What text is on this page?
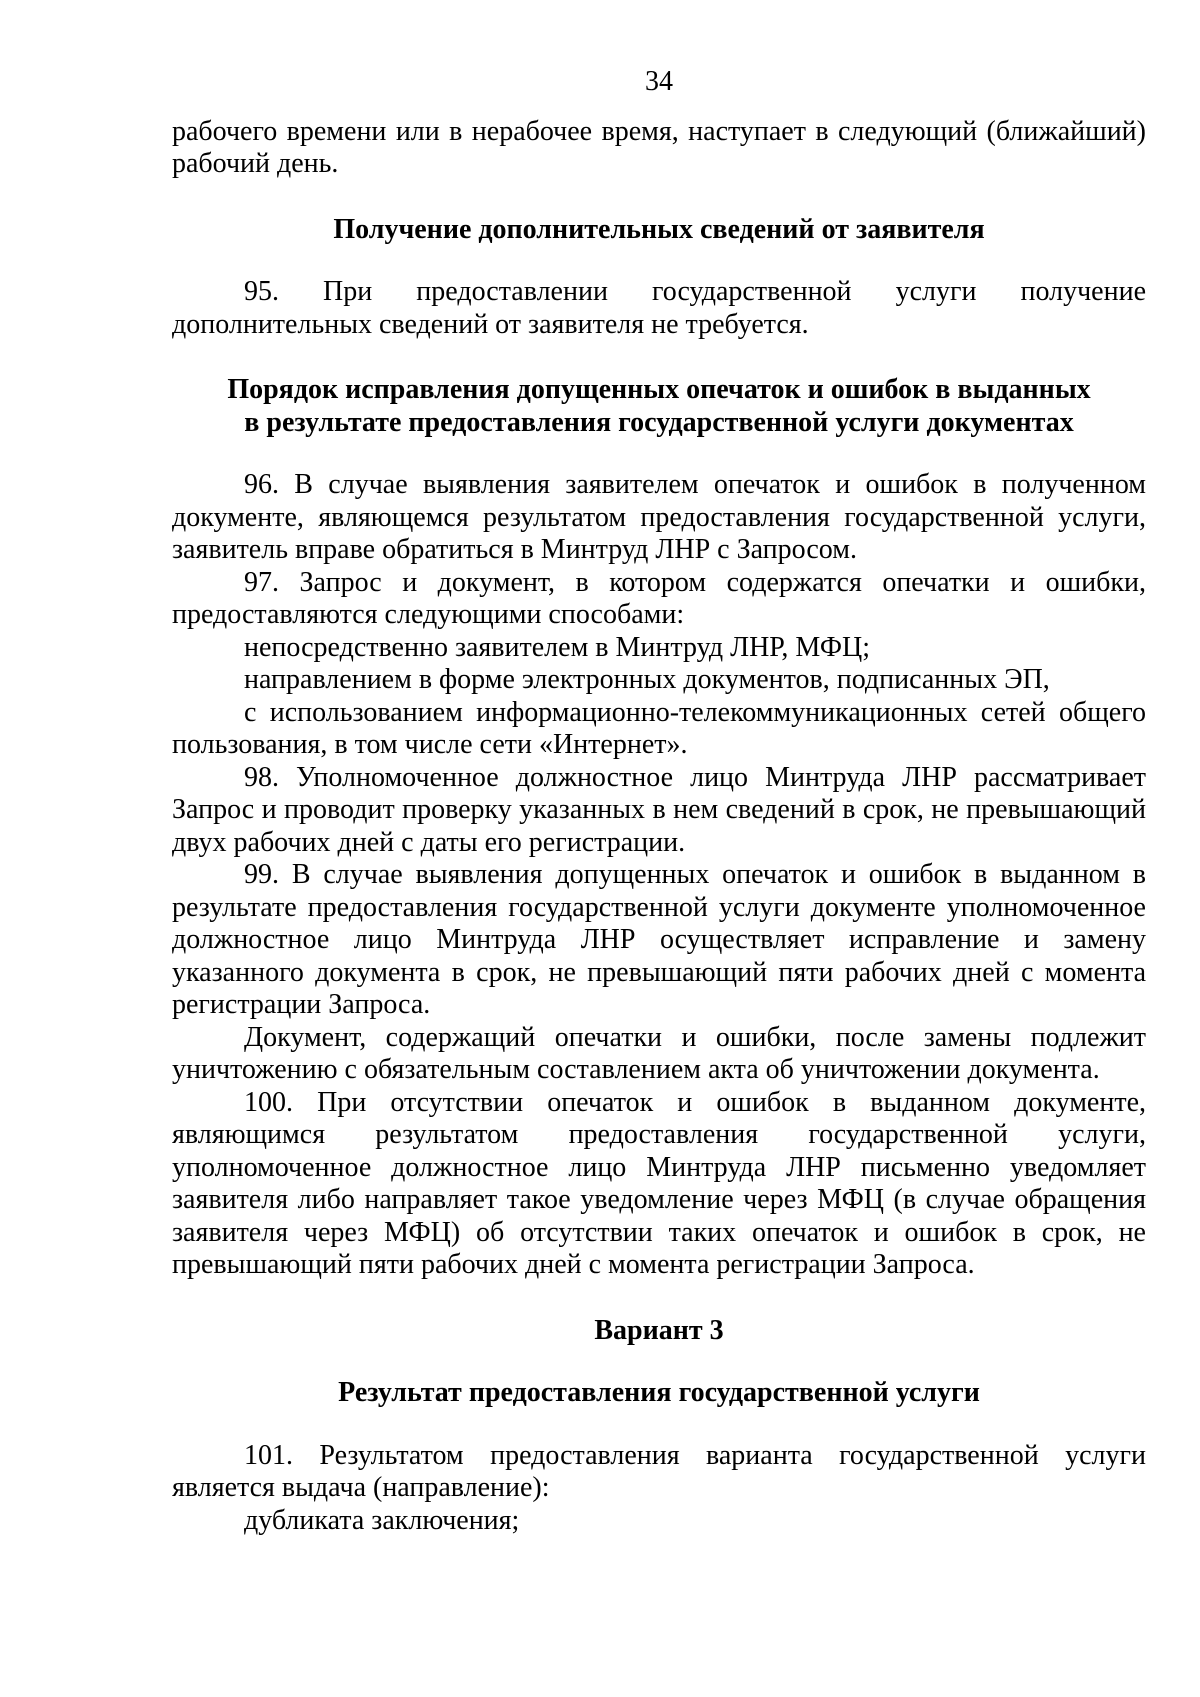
34

рабочего времени или в нерабочее время, наступает в следующий (ближайший) рабочий день.

Получение дополнительных сведений от заявителя

95. При предоставлении государственной услуги получение дополнительных сведений от заявителя не требуется.

Порядок исправления допущенных опечаток и ошибок в выданных
в результате предоставления государственной услуги документах

96. В случае выявления заявителем опечаток и ошибок в полученном документе, являющемся результатом предоставления государственной услуги, заявитель вправе обратиться в Минтруд ЛНР с Запросом.

97. Запрос и документ, в котором содержатся опечатки и ошибки, предоставляются следующими способами:

непосредственно заявителем в Минтруд ЛНР, МФЦ;

направлением в форме электронных документов, подписанных ЭП,

с использованием информационно-телекоммуникационных сетей общего пользования, в том числе сети «Интернет».

98. Уполномоченное должностное лицо Минтруда ЛНР рассматривает Запрос и проводит проверку указанных в нем сведений в срок, не превышающий двух рабочих дней с даты его регистрации.

99. В случае выявления допущенных опечаток и ошибок в выданном в результате предоставления государственной услуги документе уполномоченное должностное лицо Минтруда ЛНР осуществляет исправление и замену указанного документа в срок, не превышающий пяти рабочих дней с момента регистрации Запроса.

Документ, содержащий опечатки и ошибки, после замены подлежит уничтожению с обязательным составлением акта об уничтожении документа.

100. При отсутствии опечаток и ошибок в выданном документе, являющимся результатом предоставления государственной услуги, уполномоченное должностное лицо Минтруда ЛНР письменно уведомляет заявителя либо направляет такое уведомление через МФЦ (в случае обращения заявителя через МФЦ) об отсутствии таких опечаток и ошибок в срок, не превышающий пяти рабочих дней с момента регистрации Запроса.

Вариант 3
Результат предоставления государственной услуги

101. Результатом предоставления варианта государственной услуги является выдача (направление):

дубликата заключения;
